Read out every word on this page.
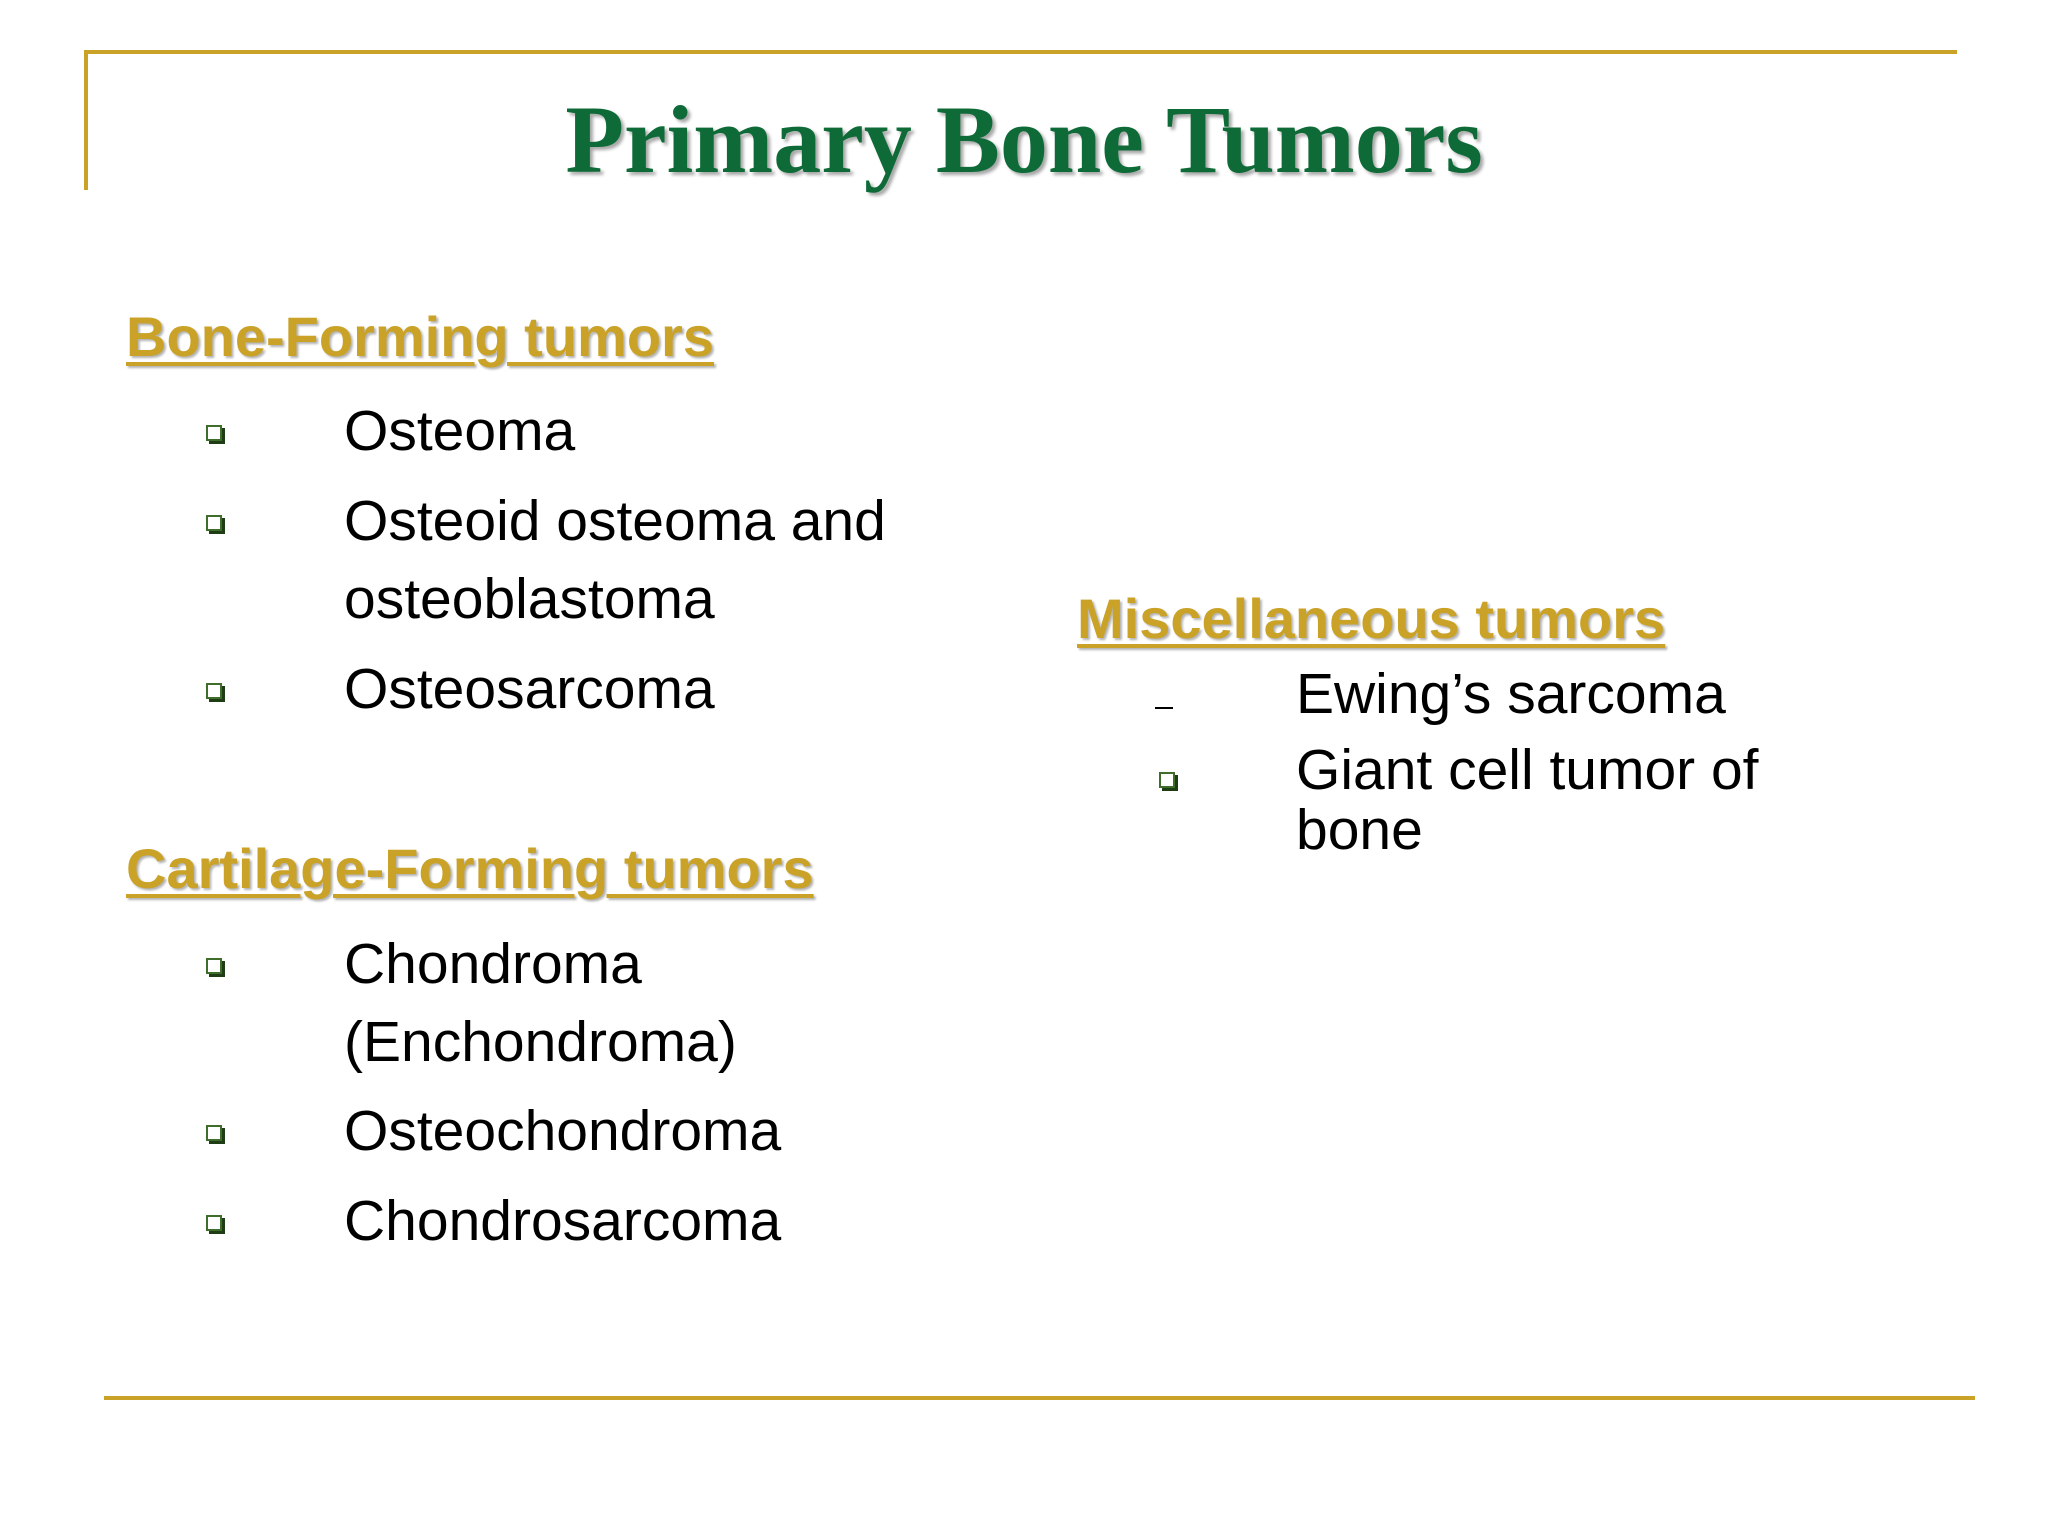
Primary Bone Tumors
Bone-Forming tumors
Osteoma
Osteoid osteoma and
osteoblastoma
Osteosarcoma
Cartilage-Forming tumors
Chondroma
(Enchondroma)
Osteochondroma
Chondrosarcoma
Miscellaneous tumors
Ewing’s sarcoma
Giant cell tumor of
bone
